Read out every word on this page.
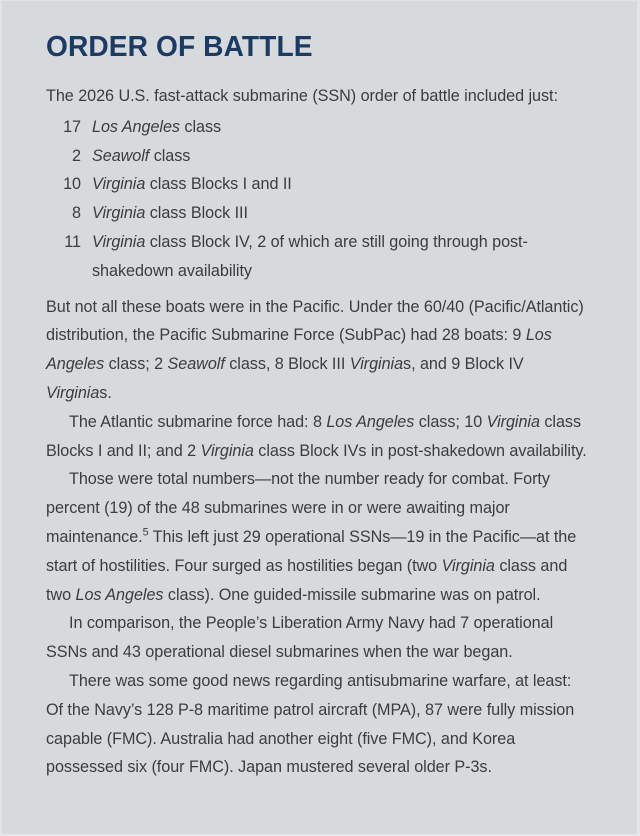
ORDER OF BATTLE

The 2026 U.S. fast-attack submarine (SSN) order of battle included just:

17 Los Angeles class
2 Seawolf class
10 Virginia class Blocks I and II
8 Virginia class Block III
11 Virginia class Block IV, 2 of which are still going through post-shakedown availability

But not all these boats were in the Pacific. Under the 60/40 (Pacific/Atlantic) distribution, the Pacific Submarine Force (SubPac) had 28 boats: 9 Los Angeles class; 2 Seawolf class, 8 Block III Virginias, and 9 Block IV Virginias.

The Atlantic submarine force had: 8 Los Angeles class; 10 Virginia class Blocks I and II; and 2 Virginia class Block IVs in post-shakedown availability.

Those were total numbers—not the number ready for combat. Forty percent (19) of the 48 submarines were in or were awaiting major maintenance.$^5$ This left just 29 operational SSNs—19 in the Pacific—at the start of hostilities. Four surged as hostilities began (two Virginia class and two Los Angeles class). One guided-missile submarine was on patrol.

In comparison, the People’s Liberation Army Navy had 7 operational SSNs and 43 operational diesel submarines when the war began.

There was some good news regarding antisubmarine warfare, at least: Of the Navy’s 128 P-8 maritime patrol aircraft (MPA), 87 were fully mission capable (FMC). Australia had another eight (five FMC), and Korea possessed six (four FMC). Japan mustered several older P-3s.
